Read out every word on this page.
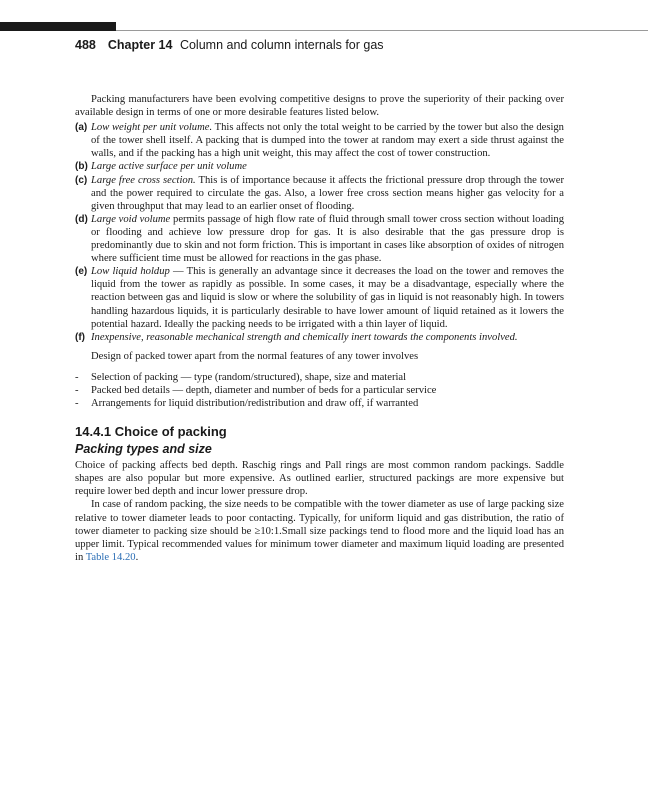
488 Chapter 14 Column and column internals for gas

Packing manufacturers have been evolving competitive designs to prove the superiority of their packing over available design in terms of one or more desirable features listed below.

(a) Low weight per unit volume. This affects not only the total weight to be carried by the tower but also the design of the tower shell itself. A packing that is dumped into the tower at random may exert a side thrust against the walls, and if the packing has a high unit weight, this may affect the cost of tower construction.
(b) Large active surface per unit volume
(c) Large free cross section. This is of importance because it affects the frictional pressure drop through the tower and the power required to circulate the gas. Also, a lower free cross section means higher gas velocity for a given throughput that may lead to an earlier onset of flooding.
(d) Large void volume permits passage of high flow rate of fluid through small tower cross section without loading or flooding and achieve low pressure drop for gas. It is also desirable that the gas pressure drop is predominantly due to skin and not form friction. This is important in cases like absorption of oxides of nitrogen where sufficient time must be allowed for reactions in the gas phase.
(e) Low liquid holdup — This is generally an advantage since it decreases the load on the tower and removes the liquid from the tower as rapidly as possible. In some cases, it may be a disadvantage, especially where the reaction between gas and liquid is slow or where the solubility of gas in liquid is not reasonably high. In towers handling hazardous liquids, it is particularly desirable to have lower amount of liquid retained as it lowers the potential hazard. Ideally the packing needs to be irrigated with a thin layer of liquid.
(f) Inexpensive, reasonable mechanical strength and chemically inert towards the components involved.

Design of packed tower apart from the normal features of any tower involves

-	Selection of packing — type (random/structured), shape, size and material
-	Packed bed details — depth, diameter and number of beds for a particular service
-	Arrangements for liquid distribution/redistribution and draw off, if warranted
14.4.1 Choice of packing
Packing types and size

Choice of packing affects bed depth. Raschig rings and Pall rings are most common random packings. Saddle shapes are also popular but more expensive. As outlined earlier, structured packings are more expensive but require lower bed depth and incur lower pressure drop.

In case of random packing, the size needs to be compatible with the tower diameter as use of large packing size relative to tower diameter leads to poor contacting. Typically, for uniform liquid and gas distribution, the ratio of tower diameter to packing size should be ≥10:1.Small size packings tend to flood more and the liquid load has an upper limit. Typical recommended values for minimum tower diameter and maximum liquid loading are presented in Table 14.20.
